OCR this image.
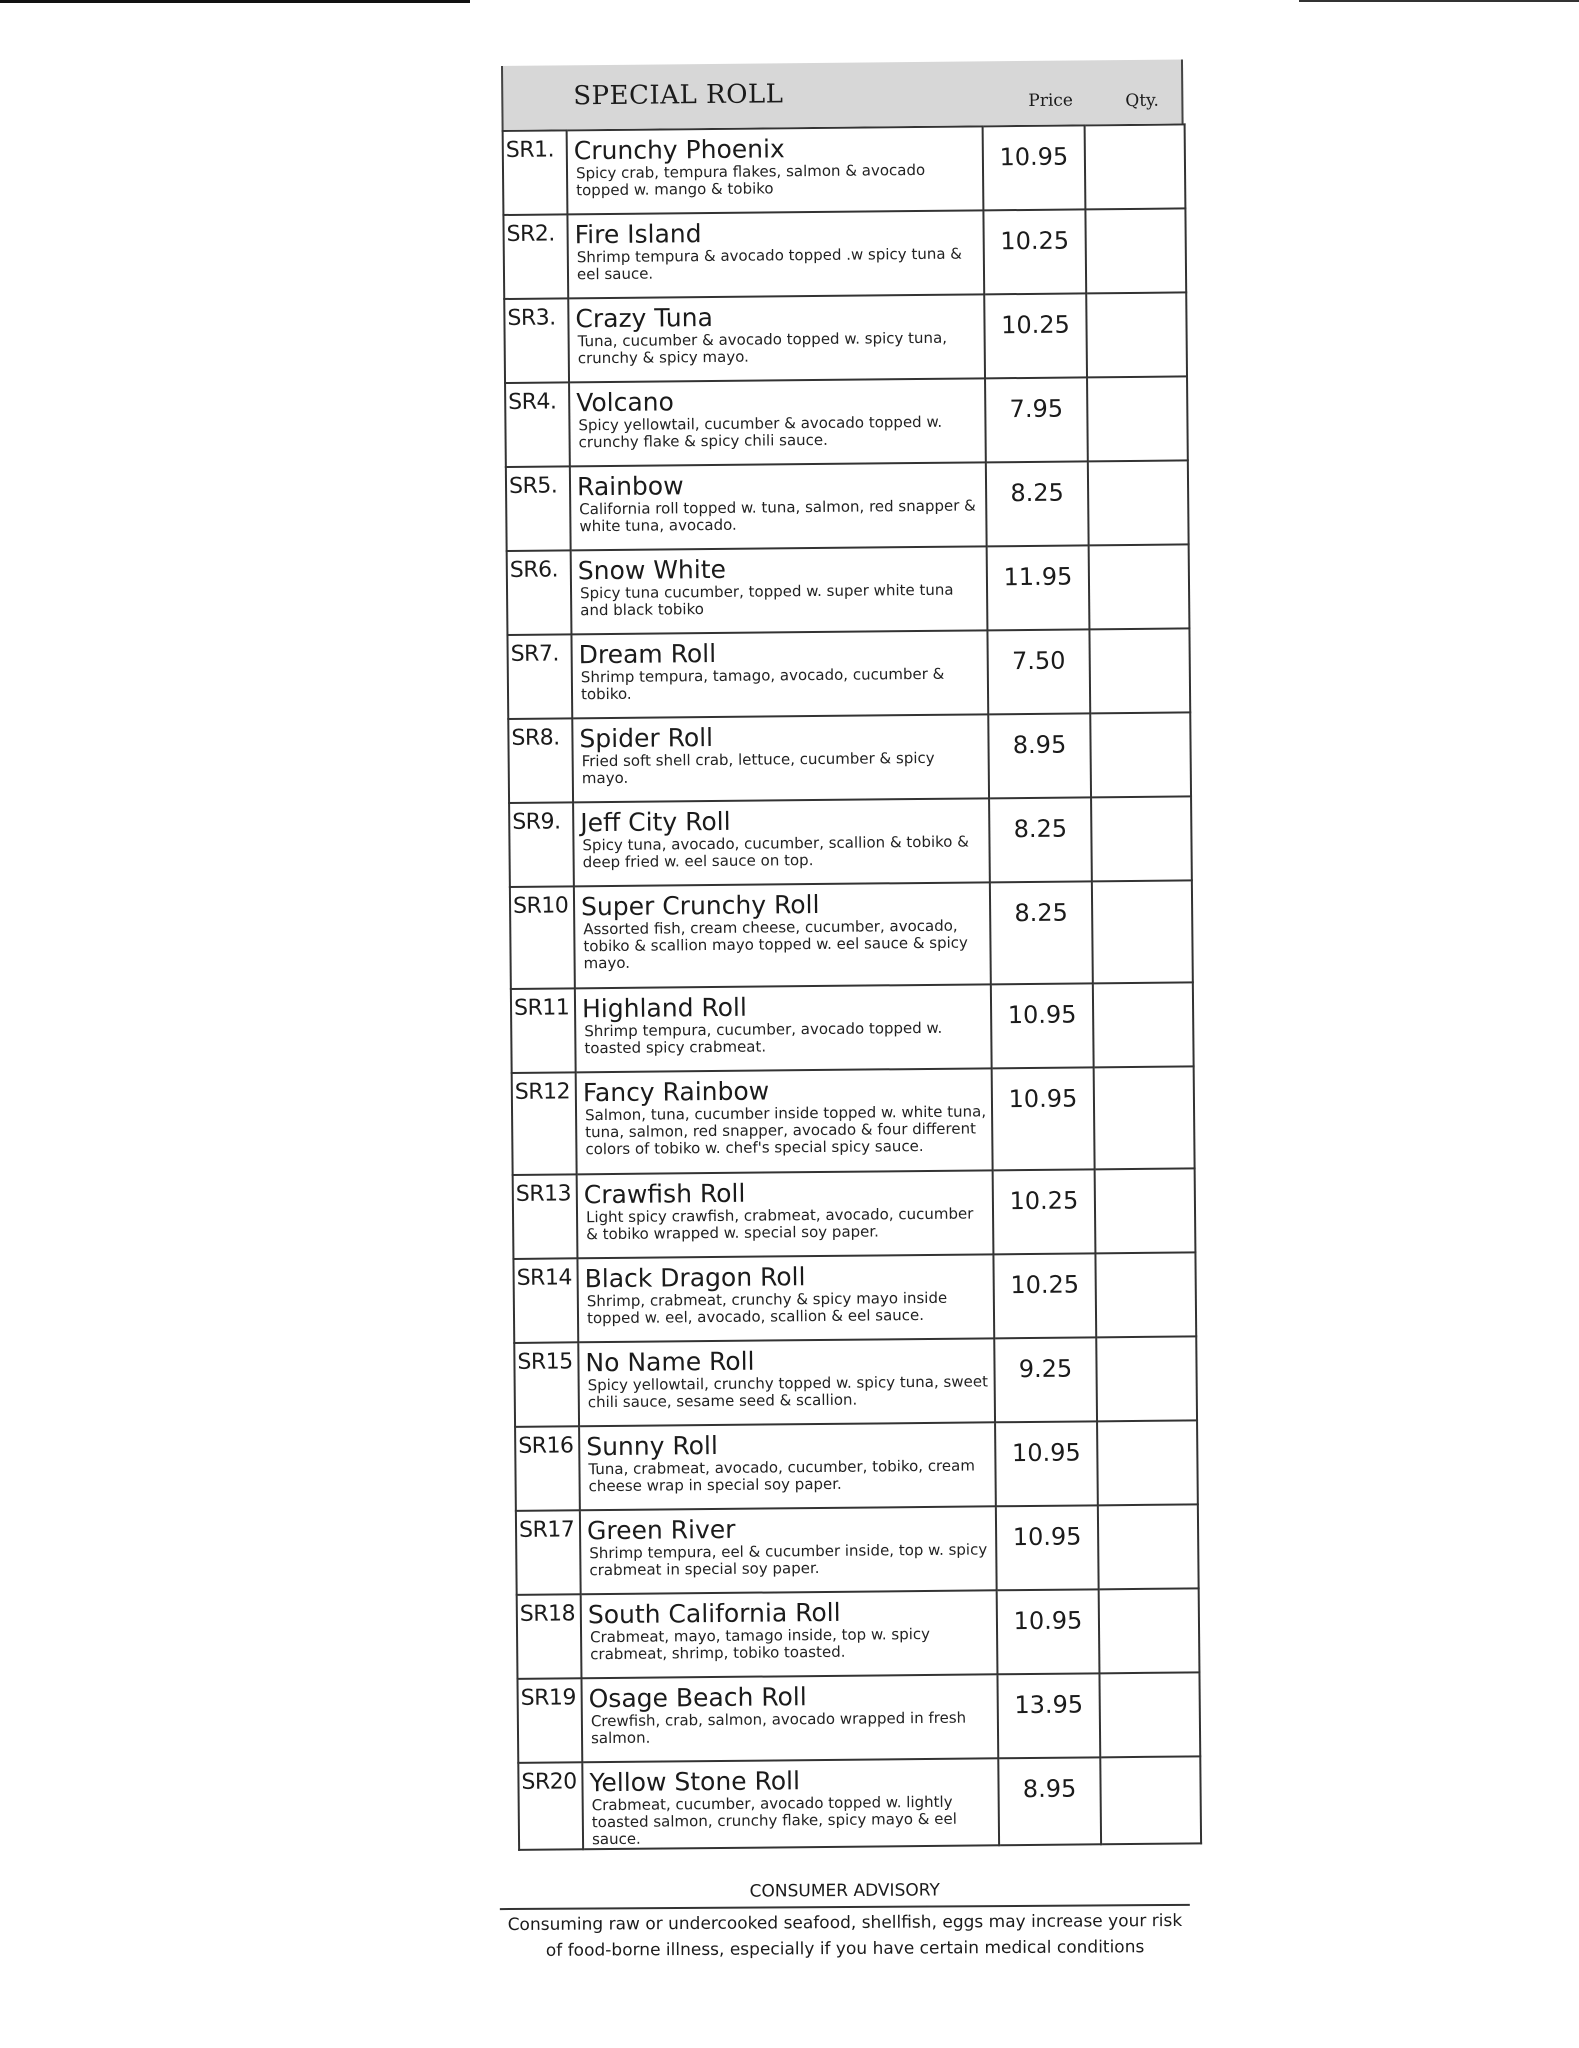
SPECIAL ROLL	Price	Qty.
SR1.	Crunchy Phoenix
Spicy crab, tempura flakes, salmon & avocado topped w. mango & tobiko	10.95	

SR2.	Fire Island
Shrimp tempura & avocado topped .w spicy tuna & eel sauce.	10.25	

SR3.	Crazy Tuna
Tuna, cucumber & avocado topped w. spicy tuna, crunchy & spicy mayo.	10.25	

SR4.	Volcano
Spicy yellowtail, cucumber & avocado topped w. crunchy flake & spicy chili sauce.	7.95	

SR5.	Rainbow
California roll topped w. tuna, salmon, red snapper & white tuna, avocado.	8.25	

SR6.	Snow White
Spicy tuna cucumber, topped w. super white tuna and black tobiko	11.95	

SR7.	Dream Roll
Shrimp tempura, tamago, avocado, cucumber & tobiko.	7.50	

SR8.	Spider Roll
Fried soft shell crab, lettuce, cucumber & spicy mayo.	8.95	

SR9.	Jeff City Roll
Spicy tuna, avocado, cucumber, scallion & tobiko & deep fried w. eel sauce on top.	8.25	

SR10	Super Crunchy Roll
Assorted fish, cream cheese, cucumber, avocado, tobiko & scallion mayo topped w. eel sauce & spicy mayo.	8.25	

SR11	Highland Roll
Shrimp tempura, cucumber, avocado topped w. toasted spicy crabmeat.	10.95	

SR12	Fancy Rainbow
Salmon, tuna, cucumber inside topped w. white tuna, tuna, salmon, red snapper, avocado & four different colors of tobiko w. chef's special spicy sauce.	10.95	

SR13	Crawfish Roll
Light spicy crawfish, crabmeat, avocado, cucumber & tobiko wrapped w. special soy paper.	10.25	

SR14	Black Dragon Roll
Shrimp, crabmeat, crunchy & spicy mayo inside topped w. eel, avocado, scallion & eel sauce.	10.25	

SR15	No Name Roll
Spicy yellowtail, crunchy topped w. spicy tuna, sweet chili sauce, sesame seed & scallion.	9.25	

SR16	Sunny Roll
Tuna, crabmeat, avocado, cucumber, tobiko, cream cheese wrap in special soy paper.	10.95	

SR17	Green River
Shrimp tempura, eel & cucumber inside, top w. spicy crabmeat in special soy paper.	10.95	

SR18	South California Roll
Crabmeat, mayo, tamago inside, top w. spicy crabmeat, shrimp, tobiko toasted.	10.95	

SR19	Osage Beach Roll
Crewfish, crab, salmon, avocado wrapped in fresh salmon.	13.95	

SR20	Yellow Stone Roll
Crabmeat, cucumber, avocado topped w. lightly toasted salmon, crunchy flake, spicy mayo & eel sauce.	8.95	

CONSUMER ADVISORY
Consuming raw or undercooked seafood, shellfish, eggs may increase your risk of food-borne illness, especially if you have certain medical conditions
